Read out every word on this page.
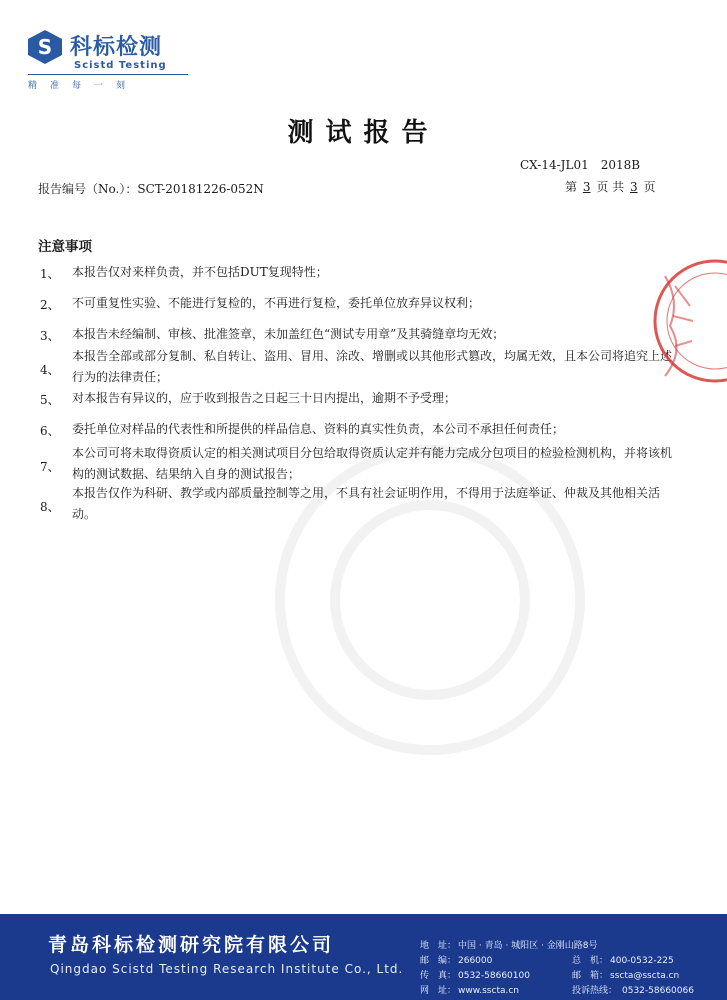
S 科标检测
Scistd Testing
精准每一刻
测试报告
CX-14-JL01 2018B
第 3 页 共 3 页
报告编号（No.）：SCT-20181226-052N
注意事项
1、 本报告仅对来样负责，并不包括DUT复现特性；
2、 不可重复性实验、不能进行复检的，不再进行复检，委托单位放弃异议权利；
3、 本报告未经编制、审核、批准签章，未加盖红色“测试专用章”及其骑缝章均无效；
4、
本报告全部或部分复制、私自转让、盗用、冒用、涂改、增删或以其他形式篡改，均属无效，且本公司将追究上述行为的法律责任；
5、 对本报告有异议的，应于收到报告之日起三十日内提出，逾期不予受理；
6、 委托单位对样品的代表性和所提供的样品信息、资料的真实性负责，本公司不承担任何责任；
7、
本公司可将未取得资质认定的相关测试项目分包给取得资质认定并有能力完成分包项目的检验检测机构，并将该机构的测试数据、结果纳入自身的测试报告；
8、
本报告仅作为科研、教学或内部质量控制等之用，不具有社会证明作用，不得用于法庭举证、仲裁及其他相关活动。
青岛科标检测研究院有限公司
Qingdao Scistd Testing Research Institute Co., Ltd.
地　址： 中国 · 青岛 · 城阳区 · 金刚山路8号
邮　编： 266000
传　真： 0532-58660100
网　址： www.sscta.cn
总　机： 400-0532-225
邮　箱： sscta@sscta.cn
投诉热线： 0532-58660066
